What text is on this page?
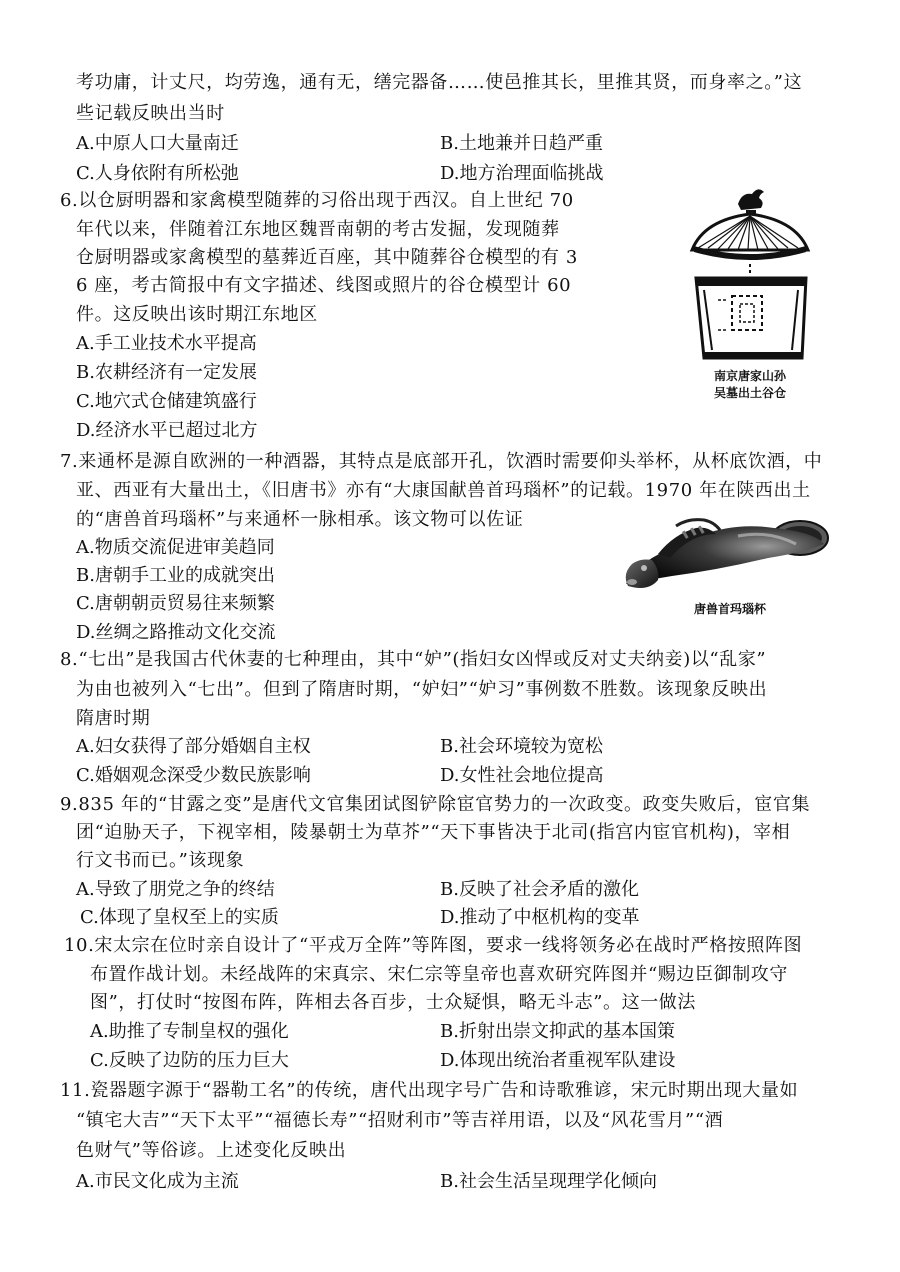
考功庸，计丈尺，均劳逸，通有无，缮完器备……使邑推其长，里推其贤，而身率之。”这
些记载反映出当时
A.中原人口大量南迁	B.土地兼并日趋严重
C.人身依附有所松弛	D.地方治理面临挑战
6.以仓厨明器和家禽模型随葬的习俗出现于西汉。自上世纪 70
年代以来，伴随着江东地区魏晋南朝的考古发掘，发现随葬
仓厨明器或家禽模型的墓葬近百座，其中随葬谷仓模型的有 3
6 座，考古简报中有文字描述、线图或照片的谷仓模型计 60
件。这反映出该时期江东地区
A.手工业技术水平提高
B.农耕经济有一定发展
C.地穴式仓储建筑盛行
D.经济水平已超过北方
南京唐家山孙
吴墓出土谷仓
7.来通杯是源自欧洲的一种酒器，其特点是底部开孔，饮酒时需要仰头举杯，从杯底饮酒，中
亚、西亚有大量出土，《旧唐书》亦有“大康国献兽首玛瑙杯”的记载。1970 年在陕西出土
的“唐兽首玛瑙杯”与来通杯一脉相承。该文物可以佐证
A.物质交流促进审美趋同
B.唐朝手工业的成就突出
C.唐朝朝贡贸易往来频繁
D.丝绸之路推动文化交流
唐兽首玛瑙杯
8.“七出”是我国古代休妻的七种理由，其中“妒”(指妇女凶悍或反对丈夫纳妾)以“乱家”
为由也被列入“七出”。但到了隋唐时期，“妒妇”“妒习”事例数不胜数。该现象反映出
隋唐时期
A.妇女获得了部分婚姻自主权	B.社会环境较为宽松
C.婚姻观念深受少数民族影响	D.女性社会地位提高
9.835 年的“甘露之变”是唐代文官集团试图铲除宦官势力的一次政变。政变失败后，宦官集
团“迫胁天子，下视宰相，陵暴朝士为草芥”“天下事皆决于北司(指宫内宦官机构)，宰相
行文书而已。”该现象
A.导致了朋党之争的终结	B.反映了社会矛盾的激化
C.体现了皇权至上的实质	D.推动了中枢机构的变革
10.宋太宗在位时亲自设计了“平戎万全阵”等阵图，要求一线将领务必在战时严格按照阵图
布置作战计划。未经战阵的宋真宗、宋仁宗等皇帝也喜欢研究阵图并“赐边臣御制攻守
图”，打仗时“按图布阵，阵相去各百步，士众疑惧，略无斗志”。这一做法
A.助推了专制皇权的强化	B.折射出崇文抑武的基本国策
C.反映了边防的压力巨大	D.体现出统治者重视军队建设
11.瓷器题字源于“器勒工名”的传统，唐代出现字号广告和诗歌雅谚，宋元时期出现大量如
“镇宅大吉”“天下太平”“福德长寿”“招财利市”等吉祥用语，以及“风花雪月”“酒
色财气”等俗谚。上述变化反映出
A.市民文化成为主流	B.社会生活呈现理学化倾向
